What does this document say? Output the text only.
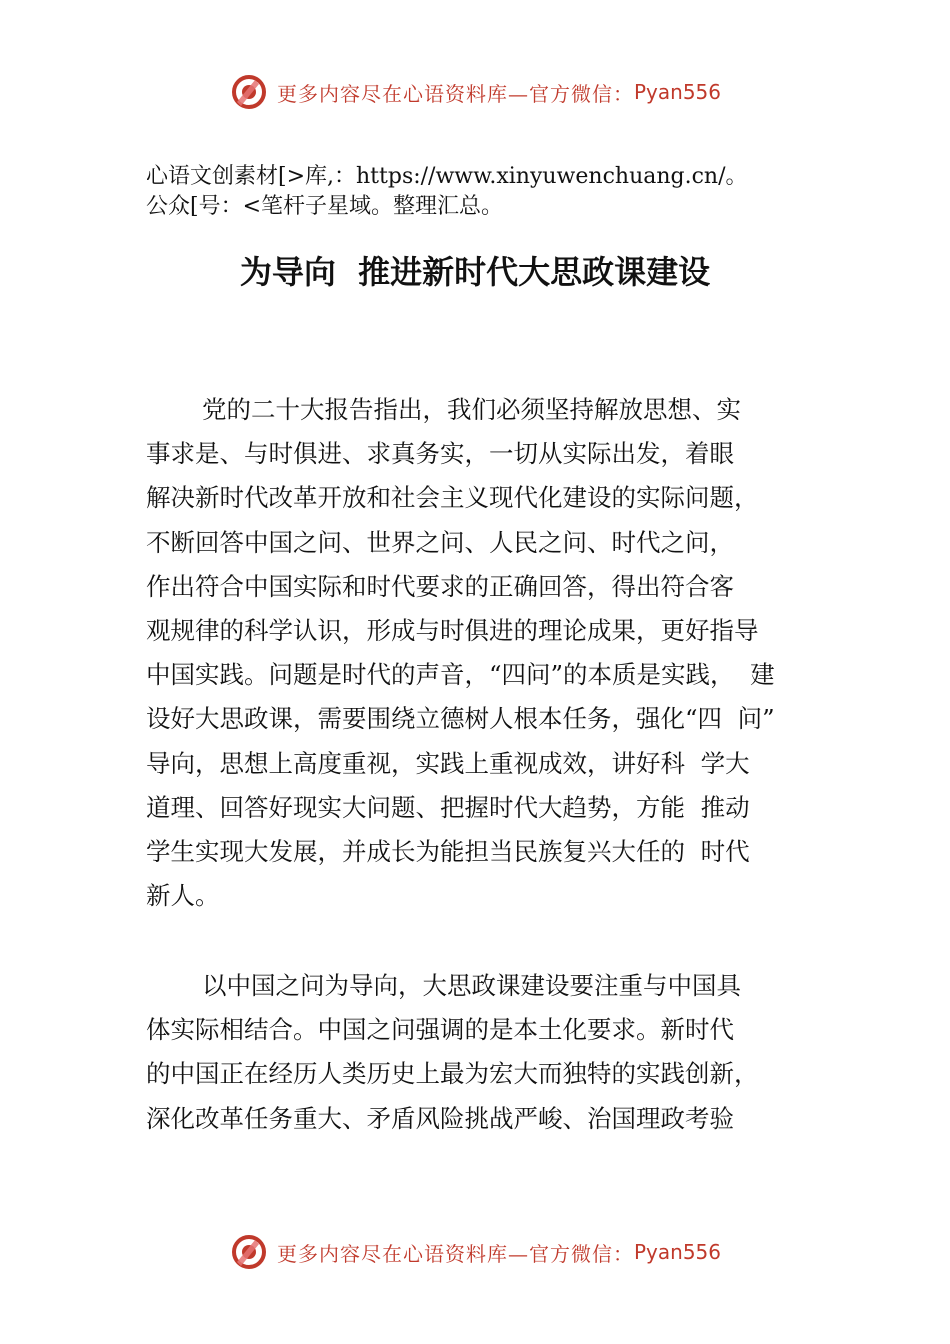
更多内容尽在心语资料库—官方微信： Pyan556
心语文创素材[>库,：https://www.xinyuwenchuang.cn/。
公众[号：<笔杆子星域。整理汇总。
为导向  推进新时代大思政课建设
党的二十大报告指出，我们必须坚持解放思想、实
事求是、与时俱进、求真务实，一切从实际出发，着眼
解决新时代改革开放和社会主义现代化建设的实际问题，
不断回答中国之问、世界之问、人民之问、时代之问，
作出符合中国实际和时代要求的正确回答，得出符合客
观规律的科学认识，形成与时俱进的理论成果，更好指导
中国实践。问题是时代的声音，“四问”的本质是实践，  建
设好大思政课，需要围绕立德树人根本任务，强化“四  问”
导向，思想上高度重视，实践上重视成效，讲好科  学大
道理、回答好现实大问题、把握时代大趋势，方能  推动
学生实现大发展，并成长为能担当民族复兴大任的  时代
新人。
以中国之问为导向，大思政课建设要注重与中国具
体实际相结合。中国之问强调的是本土化要求。新时代
的中国正在经历人类历史上最为宏大而独特的实践创新，
深化改革任务重大、矛盾风险挑战严峻、治国理政考验
更多内容尽在心语资料库—官方微信： Pyan556
